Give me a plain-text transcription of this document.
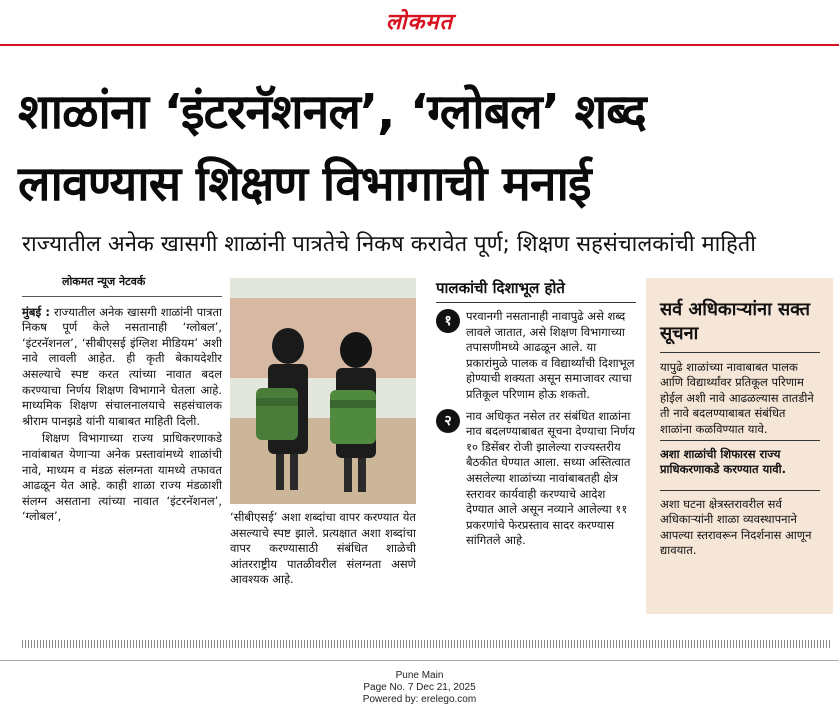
लोकमत
शाळांना ‘इंटरनॅशनल’, ‘ग्लोबल’ शब्द
लावण्यास शिक्षण विभागाची मनाई
राज्यातील अनेक खासगी शाळांनी पात्रतेचे निकष करावेत पूर्ण; शिक्षण सहसंचालकांची माहिती
लोकमत न्यूज नेटवर्क

मुंबई : राज्यातील अनेक खासगी शाळांनी पात्रता निकष पूर्ण केले नसतानाही ‘ग्लोबल’, ‘इंटरनॅशनल’, ‘सीबीएसई इंग्लिश मीडियम’ अशी नावे लावली आहेत. ही कृती बेकायदेशीर असल्याचे स्पष्ट करत त्यांच्या नावात बदल करण्याचा निर्णय शिक्षण विभागाने घेतला आहे. माध्यमिक शिक्षण संचालनालयाचे सहसंचालक श्रीराम पानझडे यांनी याबाबत माहिती दिली.

शिक्षण विभागाच्या राज्य प्राधिकरणाकडे नावांबाबत येणाऱ्या अनेक प्रस्तावांमध्ये शाळांची नावे, माध्यम व मंडळ संलग्नता यामध्ये तफावत आढळून येत आहे. काही शाळा राज्य मंडळाशी संलग्न असताना त्यांच्या नावात ‘इंटरनॅशनल’, ‘ग्लोबल’,	‘सीबीएसई’ अशा शब्दांचा वापर करण्यात येत असल्याचे स्पष्ट झाले. प्रत्यक्षात अशा शब्दांचा वापर करण्यासाठी संबंधित शाळेची आंतरराष्ट्रीय पातळीवरील संलग्नता असणे आवश्यक आहे.
पालकांची दिशाभूल होते
१	परवानगी नसतानाही नावापुढे असे शब्द लावले जातात, असे शिक्षण विभागाच्या तपासणीमध्ये आढळून आले. या प्रकारांमुळे पालक व विद्यार्थ्यांची दिशाभूल होण्याची शक्यता असून समाजावर त्याचा प्रतिकूल परिणाम होऊ शकतो.
२	नाव अधिकृत नसेल तर संबंधित शाळांना नाव बदलण्याबाबत सूचना देण्याचा निर्णय १० डिसेंबर रोजी झालेल्या राज्यस्तरीय बैठकीत घेण्यात आला. सध्या अस्तित्वात असलेल्या शाळांच्या नावांबाबतही क्षेत्र स्तरावर कार्यवाही करण्याचे आदेश देण्यात आले असून नव्याने आलेल्या ११ प्रकरणांचे फेरप्रस्ताव सादर करण्यास सांगितले आहे.
सर्व अधिकाऱ्यांना सक्त सूचना
यापुढे शाळांच्या नावाबाबत पालक आणि विद्यार्थ्यांवर प्रतिकूल परिणाम होईल अशी नावे आढळल्यास तातडीने ती नावे बदलण्याबाबत संबंधित शाळांना कळविण्यात यावे.
अशा शाळांची शिफारस राज्य प्राधिकरणाकडे करण्यात यावी.
अशा घटना क्षेत्रस्तरावरील सर्व अधिकाऱ्यांनी शाळा व्यवस्थापनाने आपल्या स्तरावरून निदर्शनास आणून द्यावयात.
Pune Main
Page No. 7 Dec 21, 2025
Powered by: erelego.com
